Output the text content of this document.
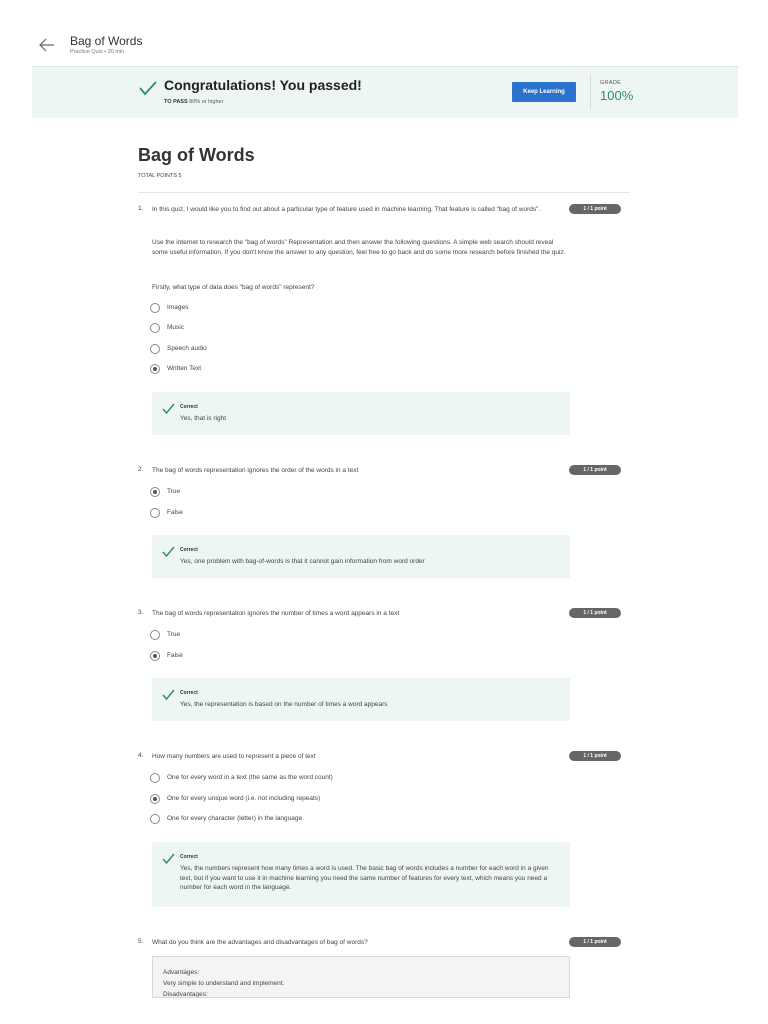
Bag of Words
Practice Quiz • 30 min
Congratulations! You passed!
TO PASS 80% or higher
Keep Learning
GRADE
100%
Bag of Words
TOTAL POINTS 5
1. In this quiz, I would like you to find out about a particular type of feature used in machine learning. That feature is called "bag of words".	1 / 1 point
Use the internet to research the "bag of words" Representation and then answer the following questions. A simple web search should reveal some useful information. If you don't know the answer to any question, feel free to go back and do some more research before finished the quiz.
Firstly, what type of data does "bag of words" represent?
Images
Music
Speech audio
Written Text
Correct
Yes, that is right
2. The bag of words representation ignores the order of the words in a text	1 / 1 point
True
False
Correct
Yes, one problem with bag-of-words is that it cannot gain information from word order
3. The bag of words representation ignores the number of times a word appears in a text	1 / 1 point
True
False
Correct
Yes, the representation is based on the number of times a word appears
4. How many numbers are used to represent a piece of text	1 / 1 point
One for every word in a text (the same as the word count)
One for every unique word (i.e. not including repeats)
One for every character (letter) in the language
Correct
Yes, the numbers represent how many times a word is used. The basic bag of words includes a number for each word in a given text, but if you want to use it in machine learning you need the same number of features for every text, which means you need a number for each word in the language.
5. What do you think are the advantages and disadvantages of bag of words?	1 / 1 point
Advantages:
Very simple to understand and implement.
Disadvantages:
